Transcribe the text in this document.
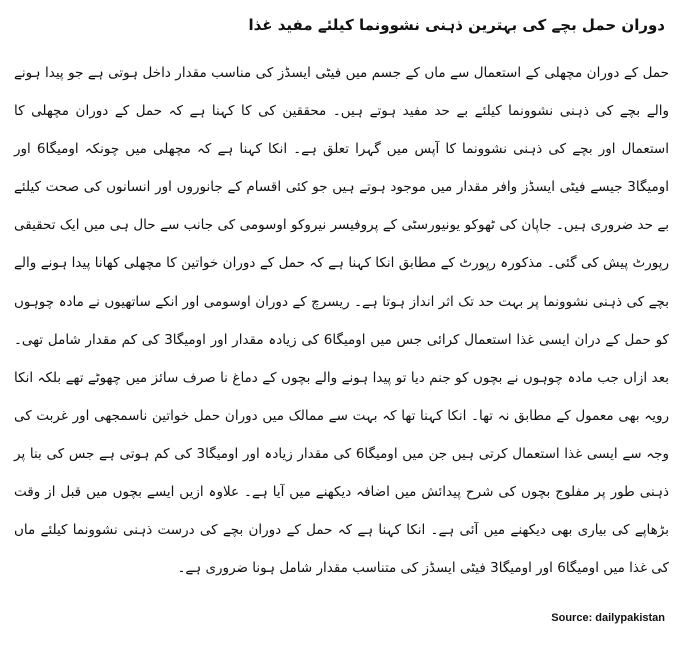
دوران حمل بچے کی بہترین ذہنی نشوونما کیلئے مفید غذا

حمل کے دوران مچھلی کے استعمال سے ماں کے جسم میں فیٹی ایسڈز کی مناسب مقدار داخل ہوتی ہے جو پیدا ہونے والے بچے کی ذہنی نشوونما کیلئے بے حد مفید ہوتے ہیں۔ محققین کی کا کہنا ہے کہ حمل کے دوران مچھلی کا استعمال اور بچے کی ذہنی نشوونما کا آپس میں گہرا تعلق ہے۔ انکا کہنا ہے کہ مچھلی میں چونکہ اومیگا6 اور اومیگا3 جیسے فیٹی ایسڈز وافر مقدار میں موجود ہوتے ہیں جو کئی اقسام کے جانوروں اور انسانوں کی صحت کیلئے بے حد ضروری ہیں۔ جاپان کی ٹھوکو یونیورسٹی کے پروفیسر نیروکو اوسومی کی جانب سے حال ہی میں ایک تحقیقی رپورٹ پیش کی گئی۔ مذکورہ رپورٹ کے مطابق انکا کہنا ہے کہ حمل کے دوران خواتین کا مچھلی کھانا پیدا ہونے والے بچے کی ذہنی نشوونما پر بہت حد تک اثر انداز ہوتا ہے۔ ریسرچ کے دوران اوسومی اور انکے ساتھیوں نے مادہ چوہوں کو حمل کے دران ایسی غذا استعمال کرائی جس میں اومیگا6 کی زیادہ مقدار اور اومیگا3 کی کم مقدار شامل تھی۔ بعد ازاں جب مادہ چوہوں نے بچوں کو جنم دیا تو پیدا ہونے والے بچوں کے دماغ نا صرف سائز میں چھوٹے تھے بلکہ انکا رویہ بھی معمول کے مطابق نہ تھا۔ انکا کہنا تھا کہ بہت سے ممالک میں دوران حمل خواتین ناسمجھی اور غربت کی وجہ سے ایسی غذا استعمال کرتی ہیں جن میں اومیگا6 کی مقدار زیادہ اور اومیگا3 کی کم ہوتی ہے جس کی بنا پر ذہنی طور پر مفلوج بچوں کی شرح پیدائش میں اضافہ دیکھنے میں آیا ہے۔ علاوہ ازیں ایسے بچوں میں قبل از وقت بڑھاپے کی بیاری بھی دیکھنے میں آئی ہے۔ انکا کہنا ہے کہ حمل کے دوران بچے کی درست ذہنی نشوونما کیلئے ماں کی غذا میں اومیگا6 اور اومیگا3 فیٹی ایسڈز کی متناسب مقدار شامل ہونا ضروری ہے۔

Source: dailypakistan
